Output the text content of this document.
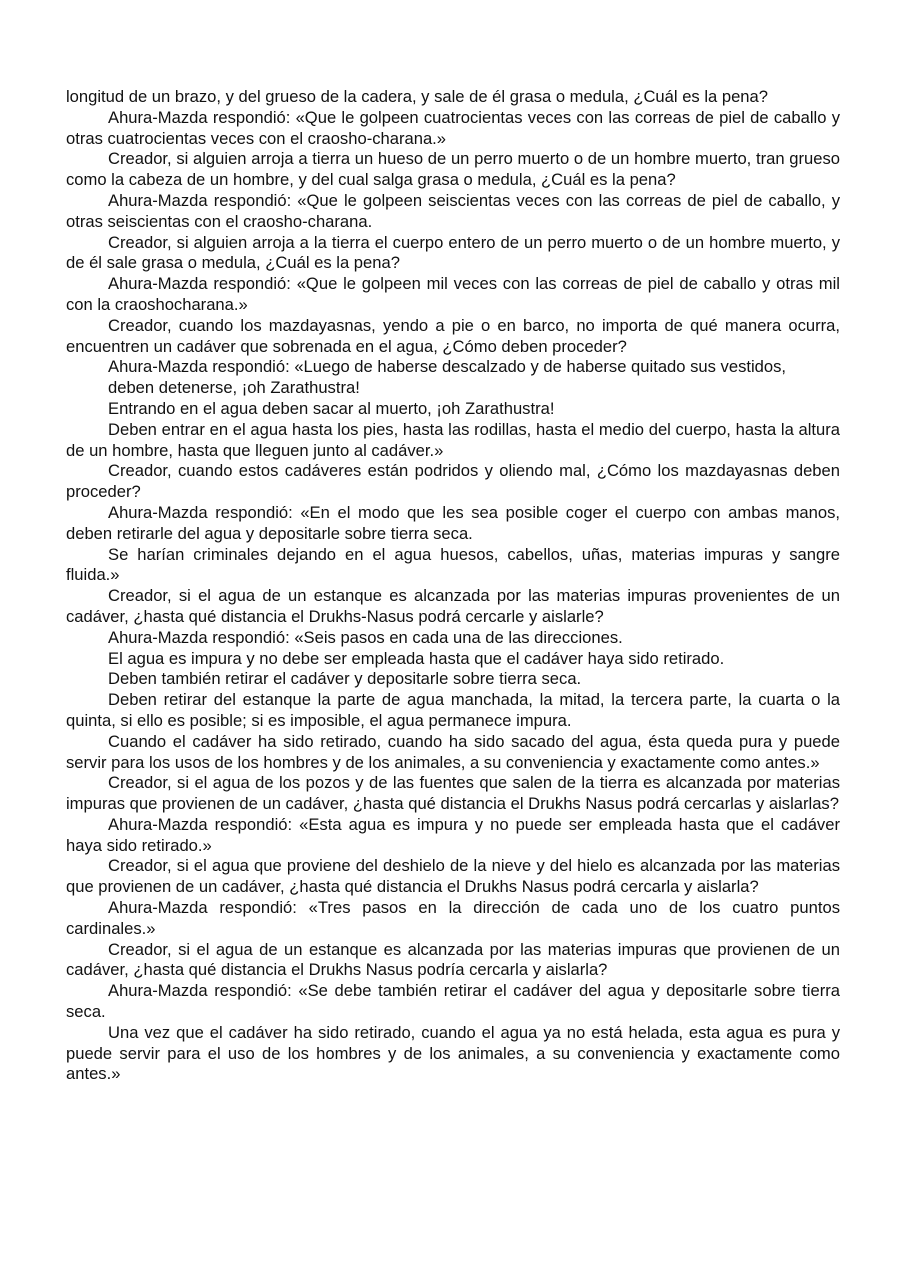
longitud de un brazo, y del grueso de la cadera, y sale de él grasa o medula, ¿Cuál es la pena?

Ahura-Mazda respondió: «Que le golpeen cuatrocientas veces con las correas de piel de caballo y otras cuatrocientas veces con el craosho-charana.»

Creador, si alguien arroja a tierra un hueso de un perro muerto o de un hombre muerto, tran grueso como la cabeza de un hombre, y del cual salga grasa o medula, ¿Cuál es la pena?

Ahura-Mazda respondió: «Que le golpeen seiscientas veces con las correas de piel de caballo, y otras seiscientas con el craosho-charana.

Creador, si alguien arroja a la tierra el cuerpo entero de un perro muerto o de un hombre muerto, y de él sale grasa o medula, ¿Cuál es la pena?

Ahura-Mazda respondió: «Que le golpeen mil veces con las correas de piel de caballo y otras mil con la craoshocharana.»

Creador, cuando los mazdayasnas, yendo a pie o en barco, no importa de qué manera ocurra, encuentren un cadáver que sobrenada en el agua, ¿Cómo deben proceder?

Ahura-Mazda respondió: «Luego de haberse descalzado y de haberse quitado sus vestidos,

deben detenerse, ¡oh Zarathustra!

Entrando en el agua deben sacar al muerto, ¡oh Zarathustra!

Deben entrar en el agua hasta los pies, hasta las rodillas, hasta el medio del cuerpo, hasta la altura de un hombre, hasta que lleguen junto al cadáver.»

Creador, cuando estos cadáveres están podridos y oliendo mal, ¿Cómo los mazdayasnas deben proceder?

Ahura-Mazda respondió: «En el modo que les sea posible coger el cuerpo con ambas manos, deben retirarle del agua y depositarle sobre tierra seca.

Se harían criminales dejando en el agua huesos, cabellos, uñas, materias impuras y sangre fluida.»

Creador, si el agua de un estanque es alcanzada por las materias impuras provenientes de un cadáver, ¿hasta qué distancia el Drukhs-Nasus podrá cercarle y aislarle?

Ahura-Mazda respondió: «Seis pasos en cada una de las direcciones.

El agua es impura y no debe ser empleada hasta que el cadáver haya sido retirado.

Deben también retirar el cadáver y depositarle sobre tierra seca.

Deben retirar del estanque la parte de agua manchada, la mitad, la tercera parte, la cuarta o la quinta, si ello es posible; si es imposible, el agua permanece impura.

Cuando el cadáver ha sido retirado, cuando ha sido sacado del agua, ésta queda pura y puede servir para los usos de los hombres y de los animales, a su conveniencia y exactamente como antes.»

Creador, si el agua de los pozos y de las fuentes que salen de la tierra es alcanzada por materias impuras que provienen de un cadáver, ¿hasta qué distancia el Drukhs Nasus podrá cercarlas y aislarlas?

Ahura-Mazda respondió: «Esta agua es impura y no puede ser empleada hasta que el cadáver haya sido retirado.»

Creador, si el agua que proviene del deshielo de la nieve y del hielo es alcanzada por las materias que provienen de un cadáver, ¿hasta qué distancia el Drukhs Nasus podrá cercarla y aislarla?

Ahura-Mazda respondió: «Tres pasos en la dirección de cada uno de los cuatro puntos cardinales.»

Creador, si el agua de un estanque es alcanzada por las materias impuras que provienen de un cadáver, ¿hasta qué distancia el Drukhs Nasus podría cercarla y aislarla?

Ahura-Mazda respondió: «Se debe también retirar el cadáver del agua y depositarle sobre tierra seca.

Una vez que el cadáver ha sido retirado, cuando el agua ya no está helada, esta agua es pura y puede servir para el uso de los hombres y de los animales, a su conveniencia y exactamente como antes.»
